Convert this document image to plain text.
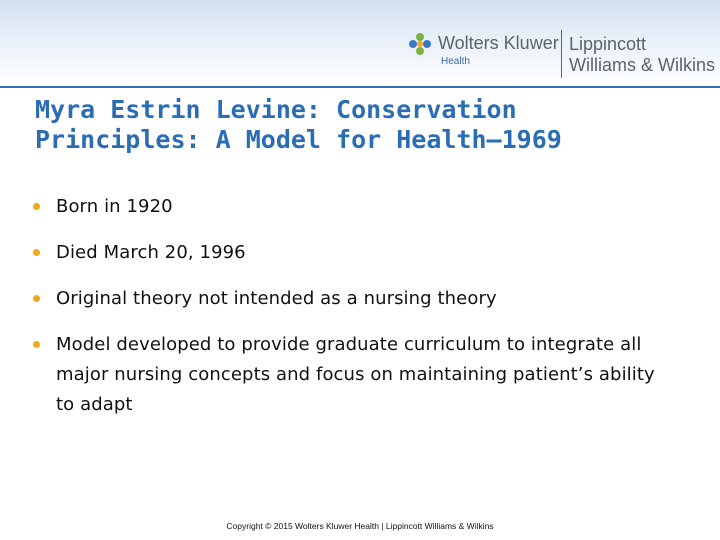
Wolters Kluwer
Health
Lippincott
Williams & Wilkins
Myra Estrin Levine: Conservation Principles: A Model for Health—1969
Born in 1920
Died March 20, 1996
Original theory not intended as a nursing theory
Model developed to provide graduate curriculum to integrate all major nursing concepts and focus on maintaining patient’s ability to adapt
Copyright © 2015 Wolters Kluwer Health | Lippincott Williams & Wilkins
